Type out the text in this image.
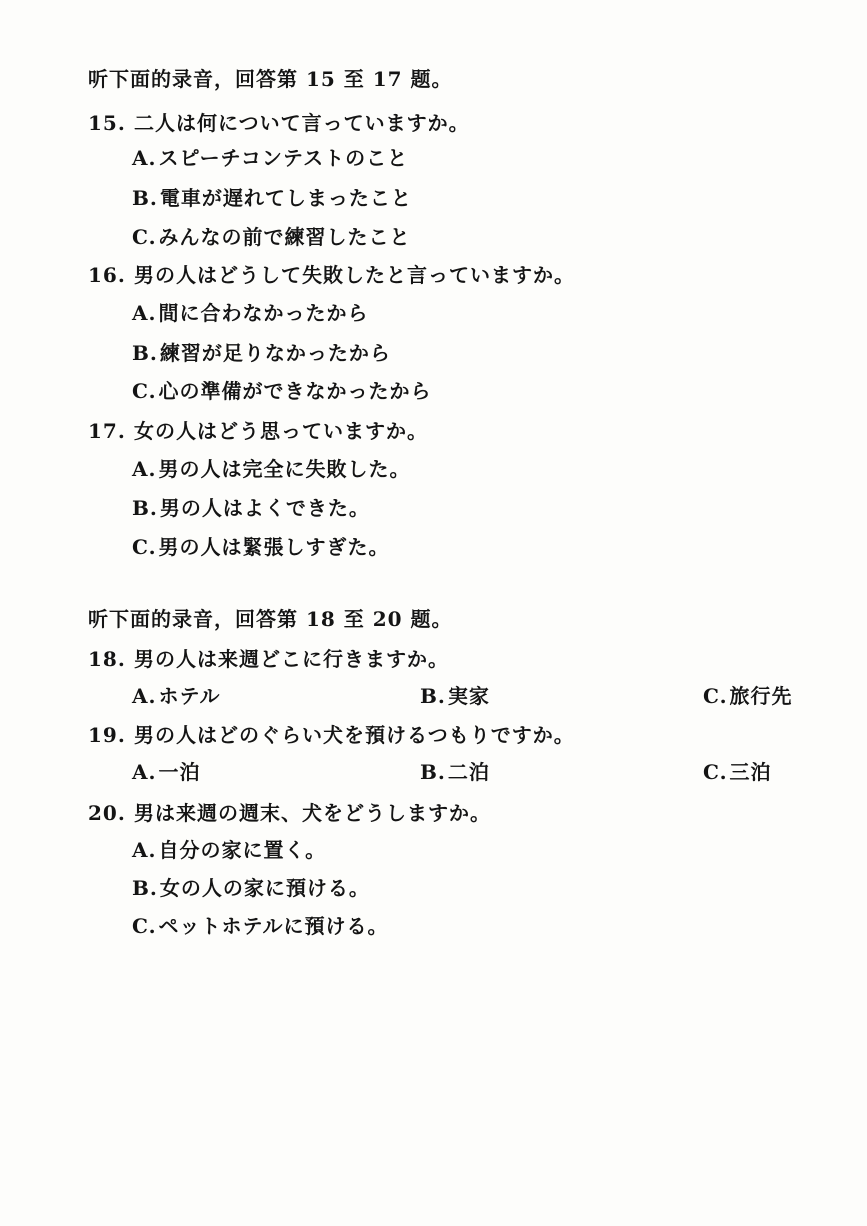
听下面的录音，回答第 15 至 17 题。
15. 二人は何について言っていますか。
A. スピーチコンテストのこと
B. 電車が遅れてしまったこと
C. みんなの前で練習したこと
16. 男の人はどうして失敗したと言っていますか。
A. 間に合わなかったから
B. 練習が足りなかったから
C. 心の準備ができなかったから
17. 女の人はどう思っていますか。
A. 男の人は完全に失敗した。
B. 男の人はよくできた。
C. 男の人は緊張しすぎた。
听下面的录音，回答第 18 至 20 题。
18. 男の人は来週どこに行きますか。
A. ホテル	B. 実家	C. 旅行先
19. 男の人はどのぐらい犬を預けるつもりですか。
A. 一泊	B. 二泊	C. 三泊
20. 男は来週の週末、犬をどうしますか。
A. 自分の家に置く。
B. 女の人の家に預ける。
C. ペットホテルに預ける。
